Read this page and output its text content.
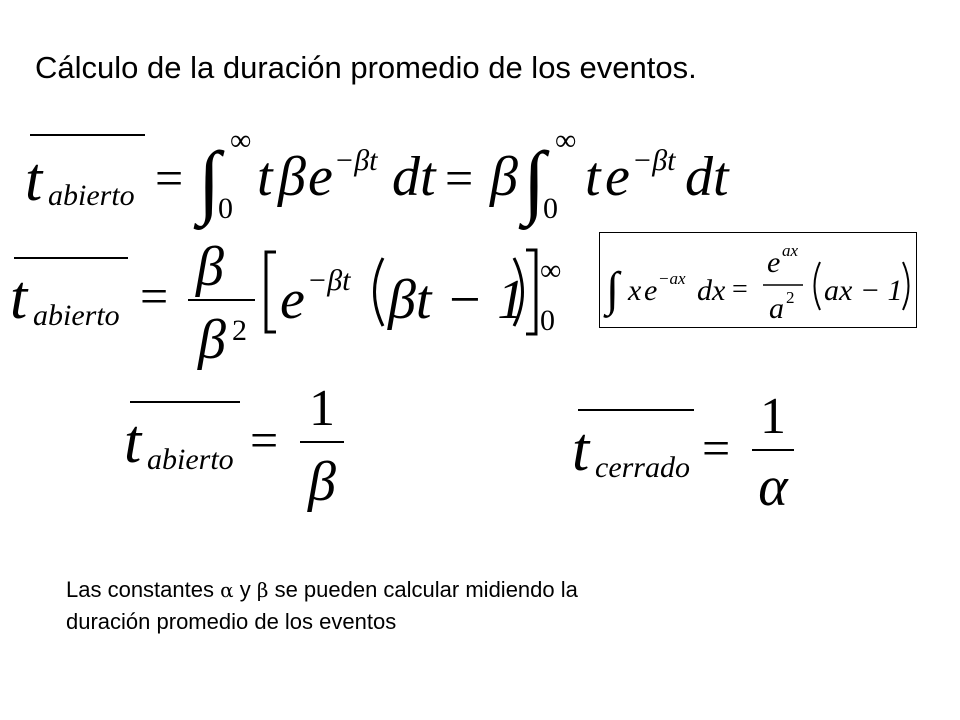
Cálculo de la duración promedio de los eventos.
t abierto = ∫ ∞
0
t β e −βt dt = β ∫ ∞
0
t e −βt dt
t abierto = β
β 2 e −βt βt − 1 ∞
0
∫ x e −ax dx =
e ax
a 2 ax − 1
t abierto =
1
β	t cerrado =
1
α
Las constantes α y β se pueden calcular midiendo la
duración promedio de los eventos
